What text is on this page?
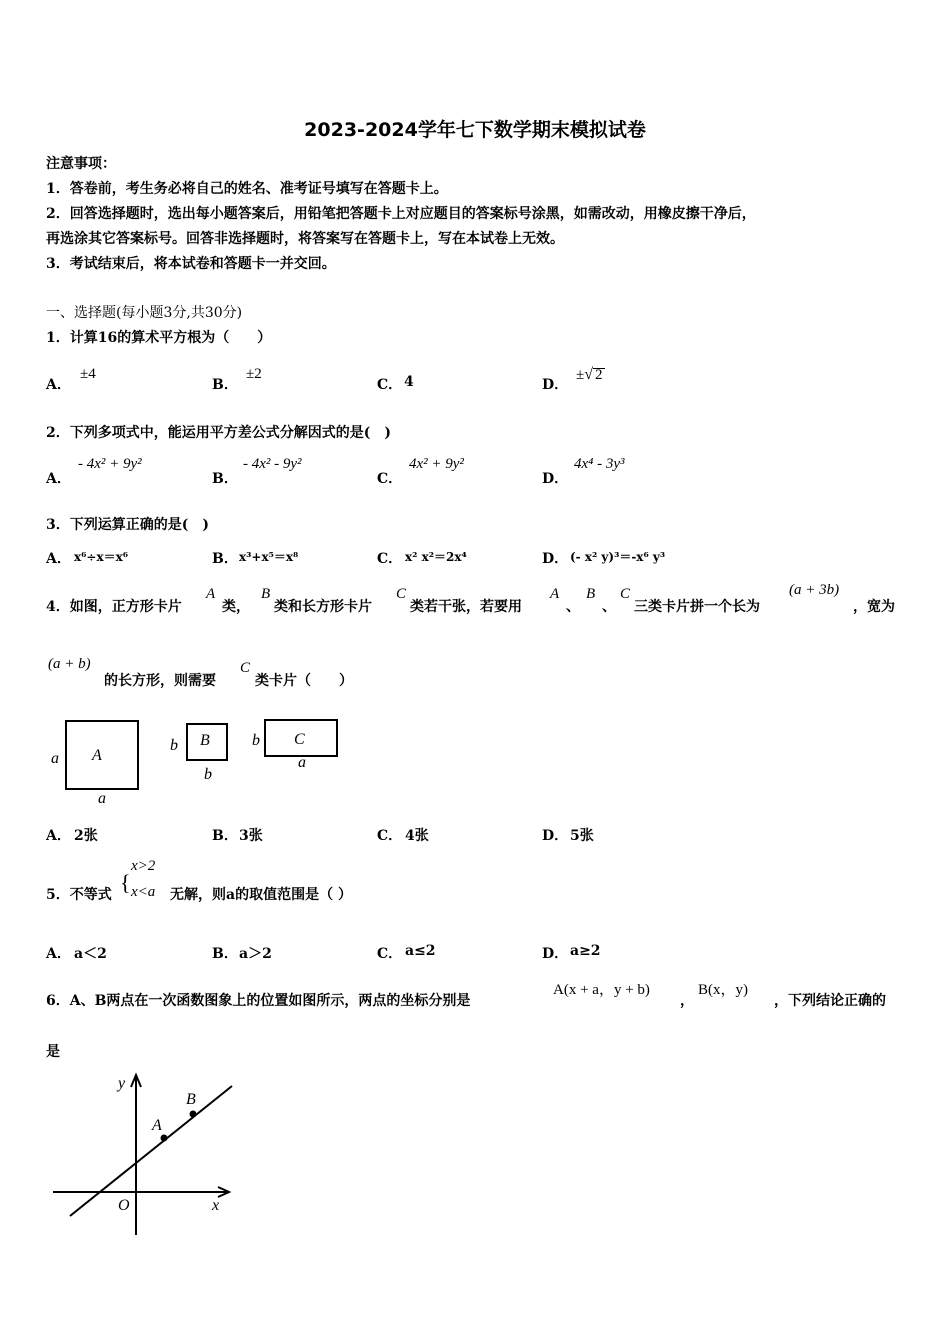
2023-2024学年七下数学期末模拟试卷
注意事项：
1．答卷前，考生务必将自己的姓名、准考证号填写在答题卡上。
2．回答选择题时，选出每小题答案后，用铅笔把答题卡上对应题目的答案标号涂黑，如需改动，用橡皮擦干净后，
再选涂其它答案标号。回答非选择题时，将答案写在答题卡上，写在本试卷上无效。
3．考试结束后，将本试卷和答题卡一并交回。
一、选择题(每小题3分,共30分)
1．计算16的算术平方根为（　　）
A．
±4
B．
±2
C． 4	D．
±√ 2
2．下列多项式中，能运用平方差公式分解因式的是(　)
A．
- 4x² + 9y²
B．
- 4x² - 9y²
C．
4x² + 9y²
D．
4x⁴ - 3y³
3．下列运算正确的是(　)
A． x⁶÷x＝x⁶	B． x³+x⁵＝x⁸	C． x² x²＝2x⁴	D． (- x² y)³＝-x⁶ y³
4．如图，正方形卡片
A
类，
B
类和长方形卡片
C
类若干张，若要用
A
、
B
、
C
三类卡片拼一个长为
(a + 3b)
，宽为
(a + b)
的长方形，则需要
C
类卡片（　　）
A
a
a
B
b
b
C
b
a
A． 2张	B． 3张	C． 4张	D． 5张
5．不等式 {
x>2
x<a 无解，则a的取值范围是（ ）
A． a＜2	B． a＞2	C． a≤2	D． a≥2
6．A、B两点在一次函数图象上的位置如图所示，两点的坐标分别是
A(x + a，y + b)
，
B(x，y)
，下列结论正确的
是
y
x
O
A
B
